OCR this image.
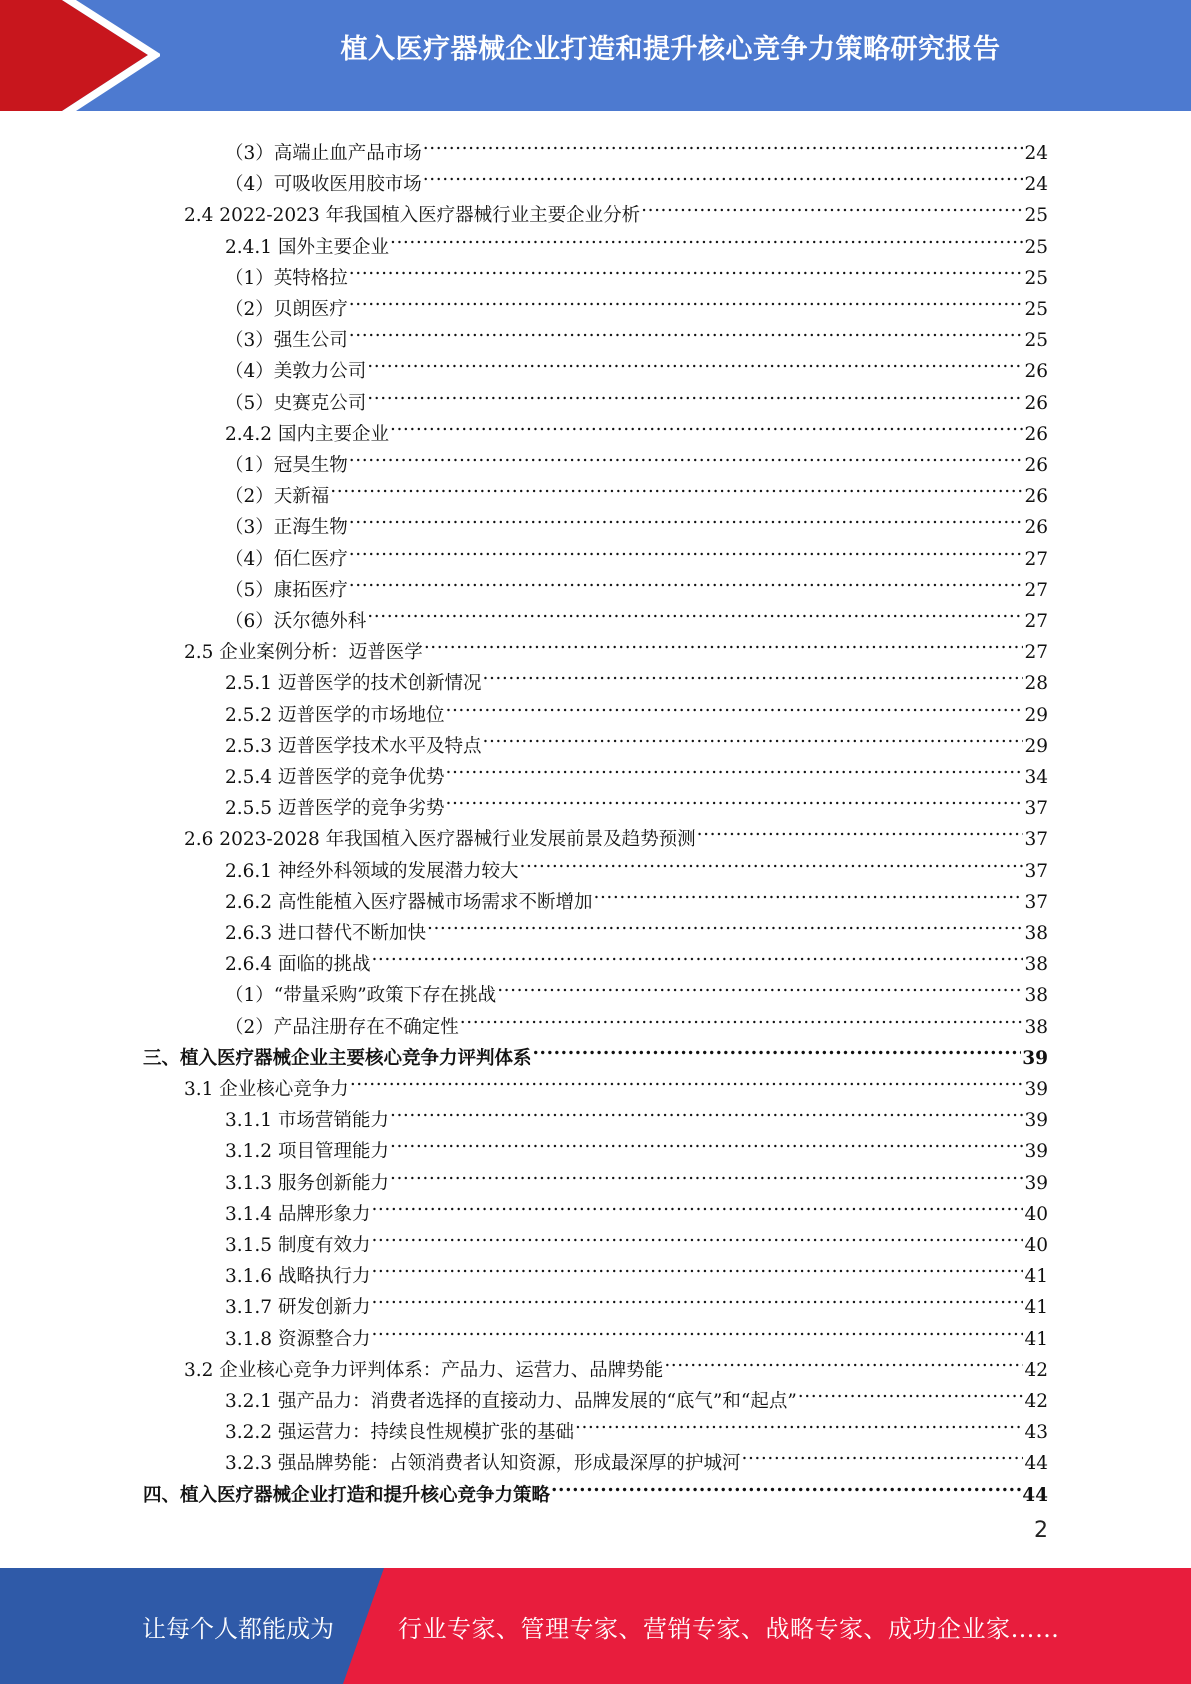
植入医疗器械企业打造和提升核心竞争力策略研究报告
（3）高端止血产品市场 .....	24
（4）可吸收医用胶市场 .....	24
2.4 2022-2023 年我国植入医疗器械行业主要企业分析 .....	25
2.4.1 国外主要企业 .....	25
（1）英特格拉 .....	25
（2）贝朗医疗 .....	25
（3）强生公司 .....	25
（4）美敦力公司 .....	26
（5）史赛克公司 .....	26
2.4.2 国内主要企业 .....	26
（1）冠昊生物 .....	26
（2）天新福 .....	26
（3）正海生物 .....	26
（4）佰仁医疗 .....	27
（5）康拓医疗 .....	27
（6）沃尔德外科 .....	27
2.5 企业案例分析：迈普医学 .....	27
2.5.1 迈普医学的技术创新情况 .....	28
2.5.2 迈普医学的市场地位 .....	29
2.5.3 迈普医学技术水平及特点 .....	29
2.5.4 迈普医学的竞争优势 .....	34
2.5.5 迈普医学的竞争劣势 .....	37
2.6 2023-2028 年我国植入医疗器械行业发展前景及趋势预测 .....	37
2.6.1 神经外科领域的发展潜力较大 .....	37
2.6.2 高性能植入医疗器械市场需求不断增加 .....	37
2.6.3 进口替代不断加快 .....	38
2.6.4 面临的挑战 .....	38
（1）“带量采购”政策下存在挑战 .....	38
（2）产品注册存在不确定性 .....	38
三、植入医疗器械企业主要核心竞争力评判体系 .....	39
3.1 企业核心竞争力 .....	39
3.1.1 市场营销能力 .....	39
3.1.2 项目管理能力 .....	39
3.1.3 服务创新能力 .....	39
3.1.4 品牌形象力 .....	40
3.1.5 制度有效力 .....	40
3.1.6 战略执行力 .....	41
3.1.7 研发创新力 .....	41
3.1.8 资源整合力 .....	41
3.2 企业核心竞争力评判体系：产品力、运营力、品牌势能 .....	42
3.2.1 强产品力：消费者选择的直接动力、品牌发展的“底气”和“起点” .....	42
3.2.2 强运营力：持续良性规模扩张的基础 .....	43
3.2.3 强品牌势能：占领消费者认知资源，形成最深厚的护城河 .....	44
四、植入医疗器械企业打造和提升核心竞争力策略 .....	44
2
让每个人都能成为	行业专家、管理专家、营销专家、战略专家、成功企业家……
